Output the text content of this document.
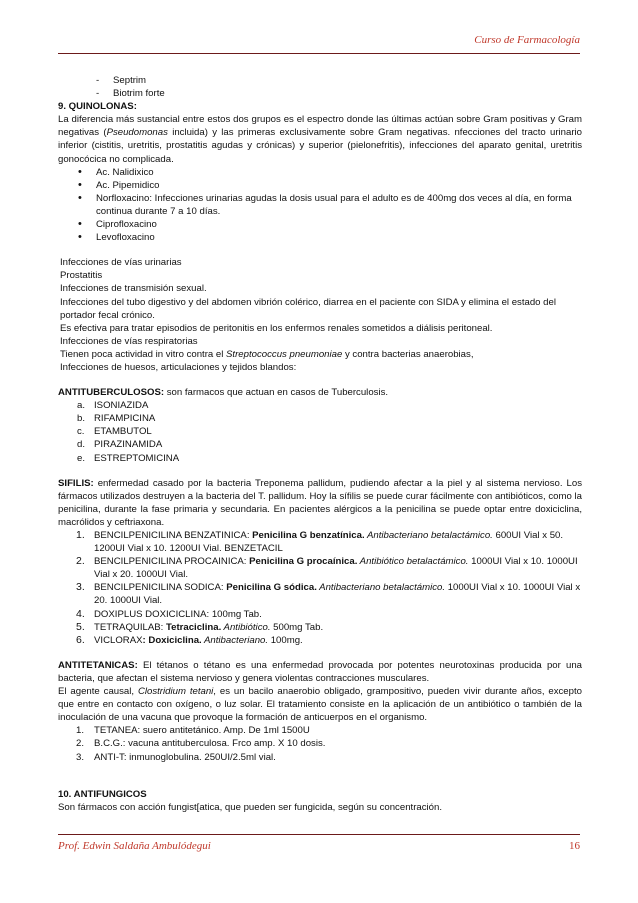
Curso de Farmacología
- Septrim
- Biotrim forte
9. QUINOLONAS:

La diferencia más sustancial entre estos dos grupos es el espectro donde las últimas actúan sobre Gram positivas y Gram negativas (Pseudomonas incluida) y las primeras exclusivamente sobre Gram negativas. nfecciones del tracto urinario inferior (cistitis, uretritis, prostatitis agudas y crónicas) y superior (pielonefritis), infecciones del aparato genital, uretritis gonocócica no complicada.

• Ac. Nalidixico
• Ac. Pipemidico
• Norfloxacino: Infecciones urinarias agudas la dosis usual para el adulto es de 400mg dos veces al día, en forma continua durante 7 a 10 días.
• Ciprofloxacino
• Levofloxacino
Infecciones de vías urinarias
Prostatitis
Infecciones de transmisión sexual.
Infecciones del tubo digestivo y del abdomen vibrión colérico, diarrea en el paciente con SIDA y elimina el estado del portador fecal crónico.
Es efectiva para tratar episodios de peritonitis en los enfermos renales sometidos a diálisis peritoneal.
Infecciones de vías respiratorias
Tienen poca actividad in vitro contra el Streptococcus pneumoniae y contra bacterias anaerobias,
Infecciones de huesos, articulaciones y tejidos blandos:

ANTITUBERCULOSOS: son farmacos que actuan en casos de Tuberculosis.

a. ISONIAZIDA
b. RIFAMPICINA
c. ETAMBUTOL
d. PIRAZINAMIDA
e. ESTREPTOMICINA

SIFILIS: enfermedad casado por la bacteria Treponema pallidum, pudiendo afectar a la piel y al sistema nervioso. Los fármacos utilizados destruyen a la bacteria del T. pallidum. Hoy la sífilis se puede curar fácilmente con antibióticos, como la penicilina, durante la fase primaria y secundaria. En pacientes alérgicos a la penicilina se puede optar entre doxiciclina, macrólidos y ceftriaxona.

1. BENCILPENICILINA BENZATINICA: Penicilina G benzatínica. Antibacteriano betalactámico. 600UI Vial x 50. 1200UI Vial x 10. 1200UI Vial. BENZETACIL
2. BENCILPENICILINA PROCAINICA: Penicilina G procaínica. Antibiótico betalactámico. 1000UI Vial x 10. 1000UI Vial x 20. 1000UI Vial.
3. BENCILPENICILINA SODICA: Penicilina G sódica. Antibacteriano betalactámico. 1000UI Vial x 10. 1000UI Vial x 20. 1000UI Vial.
4. DOXIPLUS DOXICICLINA: 100mg Tab.
5. TETRAQUILAB: Tetraciclina. Antibiótico. 500mg Tab.
6. VICLORAX: Doxiciclina. Antibacteriano. 100mg.

ANTITETANICAS: El tétanos o tétano es una enfermedad provocada por potentes neurotoxinas producida por una bacteria, que afectan el sistema nervioso y genera violentas contracciones musculares.

El agente causal, Clostridium tetani, es un bacilo anaerobio obligado, grampositivo, pueden vivir durante años, excepto que entre en contacto con oxígeno, o luz solar. El tratamiento consiste en la aplicación de un antibiótico o también de la inoculación de una vacuna que provoque la formación de anticuerpos en el organismo.

1. TETANEA: suero antitetánico. Amp. De 1ml 1500U
2. B.C.G.: vacuna antituberculosa. Frco amp. X 10 dosis.
3. ANTI-T: inmunoglobulina. 250UI/2.5ml vial.
10. ANTIFUNGICOS

Son fármacos con acción fungist[atica, que pueden ser fungicida, según su concentración.

Prof. Edwin Saldaña Ambulódegui	16
